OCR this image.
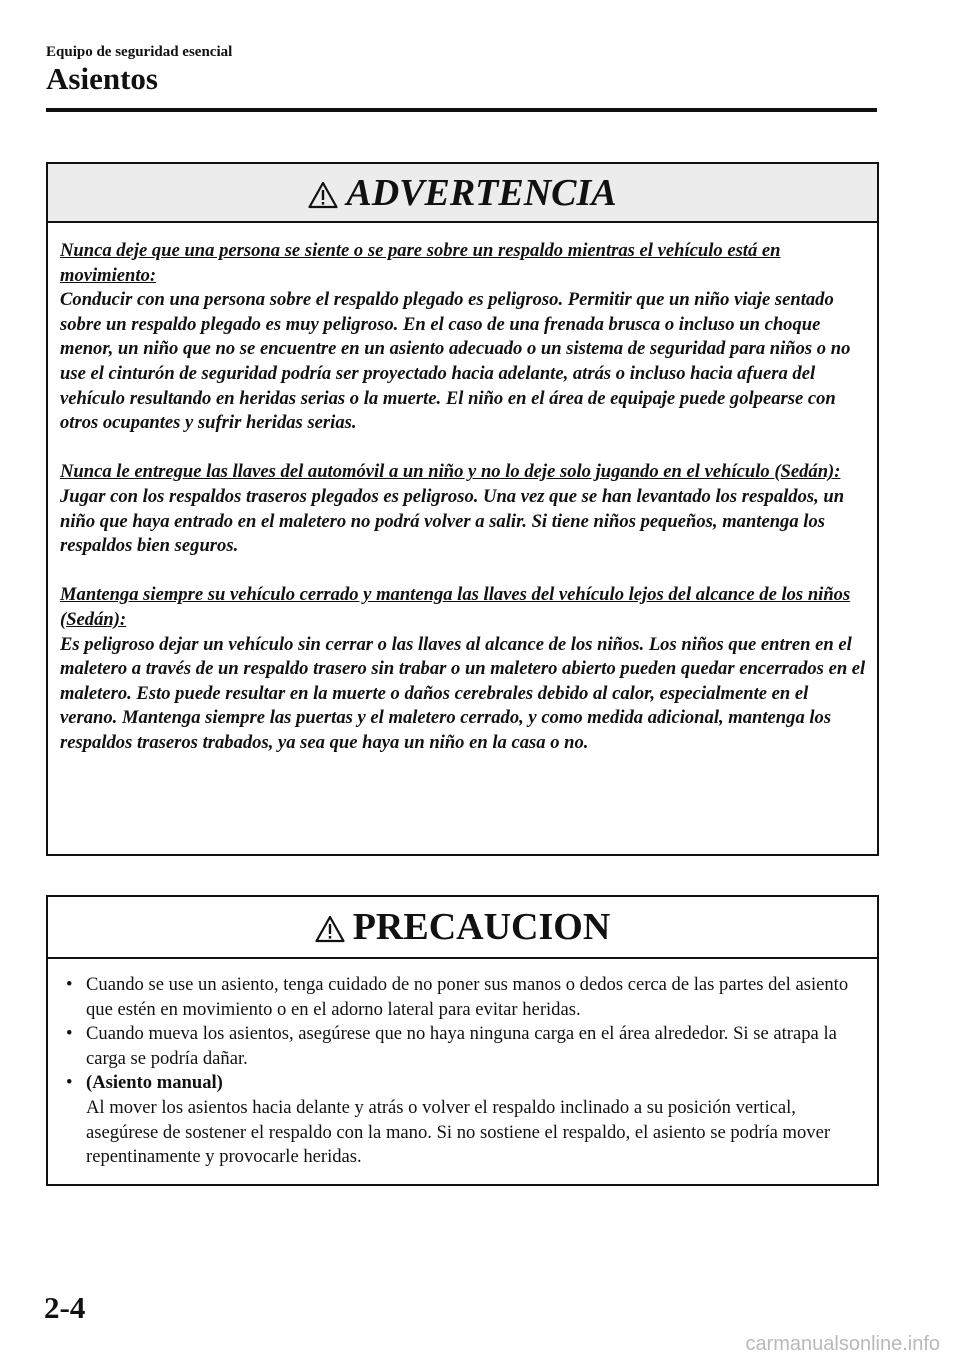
Equipo de seguridad esencial
Asientos
ADVERTENCIA

Nunca deje que una persona se siente o se pare sobre un respaldo mientras el vehículo está en movimiento:
Conducir con una persona sobre el respaldo plegado es peligroso. Permitir que un niño viaje sentado sobre un respaldo plegado es muy peligroso. En el caso de una frenada brusca o incluso un choque menor, un niño que no se encuentre en un asiento adecuado o un sistema de seguridad para niños o no use el cinturón de seguridad podría ser proyectado hacia adelante, atrás o incluso hacia afuera del vehículo resultando en heridas serias o la muerte. El niño en el área de equipaje puede golpearse con otros ocupantes y sufrir heridas serias.

Nunca le entregue las llaves del automóvil a un niño y no lo deje solo jugando en el vehículo (Sedán):
Jugar con los respaldos traseros plegados es peligroso. Una vez que se han levantado los respaldos, un niño que haya entrado en el maletero no podrá volver a salir. Si tiene niños pequeños, mantenga los respaldos bien seguros.

Mantenga siempre su vehículo cerrado y mantenga las llaves del vehículo lejos del alcance de los niños (Sedán):
Es peligroso dejar un vehículo sin cerrar o las llaves al alcance de los niños. Los niños que entren en el maletero a través de un respaldo trasero sin trabar o un maletero abierto pueden quedar encerrados en el maletero. Esto puede resultar en la muerte o daños cerebrales debido al calor, especialmente en el verano. Mantenga siempre las puertas y el maletero cerrado, y como medida adicional, mantenga los respaldos traseros trabados, ya sea que haya un niño en la casa o no.

PRECAUCION
• Cuando se use un asiento, tenga cuidado de no poner sus manos o dedos cerca de las partes del asiento que estén en movimiento o en el adorno lateral para evitar heridas.
• Cuando mueva los asientos, asegúrese que no haya ninguna carga en el área alrededor. Si se atrapa la carga se podría dañar.
• (Asiento manual)
Al mover los asientos hacia delante y atrás o volver el respaldo inclinado a su posición vertical, asegúrese de sostener el respaldo con la mano. Si no sostiene el respaldo, el asiento se podría mover repentinamente y provocarle heridas.
2-4
carmanualsonline.info
